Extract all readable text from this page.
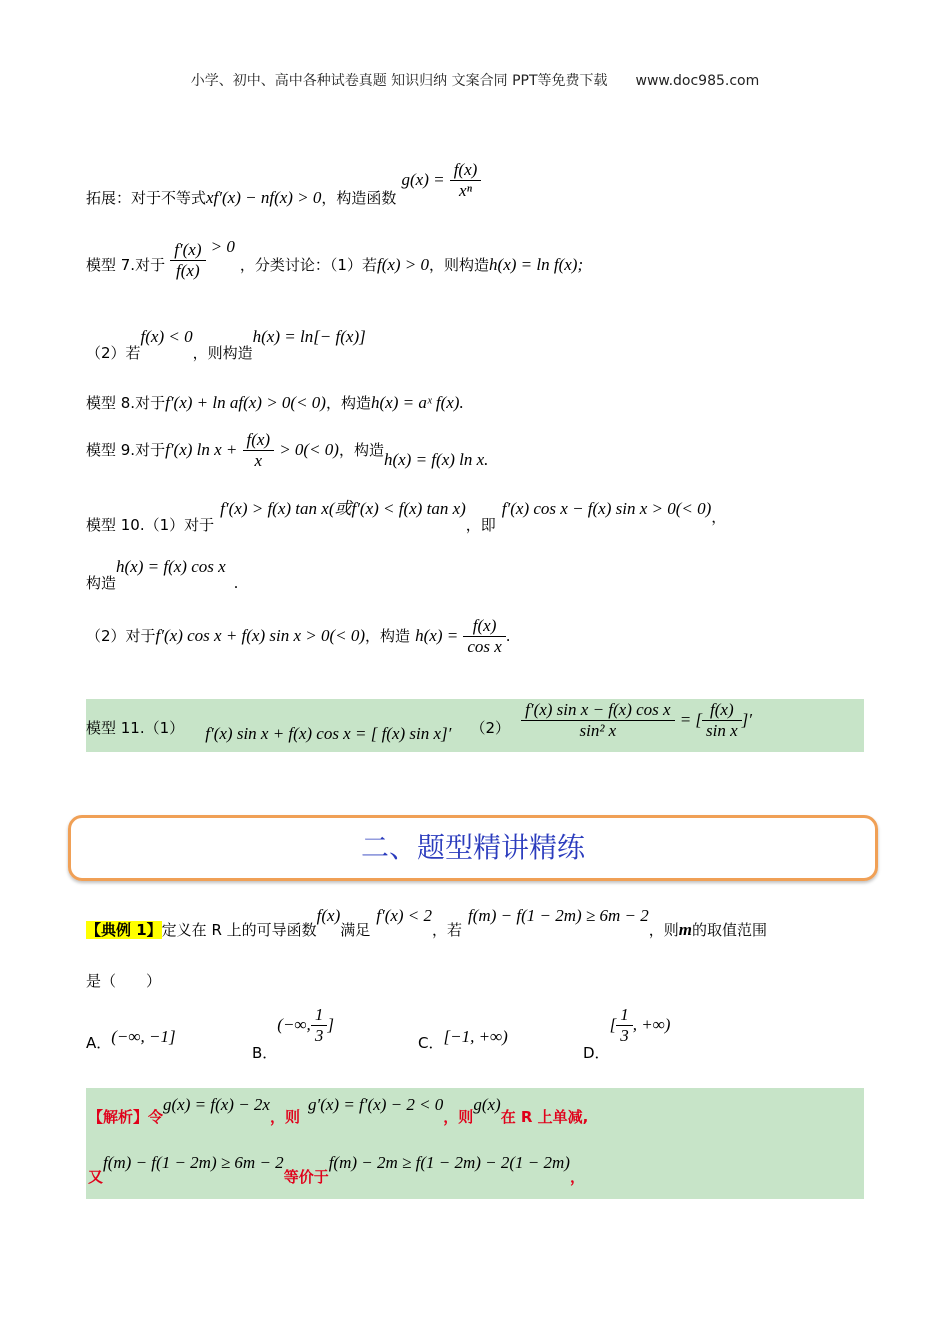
小学、初中、高中各种试卷真题 知识归纳 文案合同 PPT等免费下载 www.doc985.com
拓展：对于不等式xf′(x) − nf(x) > 0，构造函数 $g(x) = \frac{f(x)}{\text{xⁿ}}$
模型 7.对于 $\frac{f'(x)}{f(x)} > 0$ ，分类讨论：（1）若f(x) > 0，则构造h(x) = ln f(x);
（2）若f(x) < 0，则构造h(x) = ln[− f(x)]
模型 8.对于f′(x) + ln af(x) > 0(< 0)，构造h(x) = aˣ f(x).
模型 9.对于f′(x) $\ln x + \frac{f(x)}{x} > 0(< 0)$，构造h(x) = f(x) ln x.
模型 10.（1）对于f′(x) > f(x) tan x(或f′(x) < f(x) tan x)，即f′(x) cos x − f(x) sin x > 0(< 0)，
构造h(x) = f(x) cos x.
（2）对于f′(x) cos x + f(x) sin x > 0(< 0)，构造 $h(x) = \frac{f(x)}{\text{cos x}}$ .
模型 11.（1） f′(x) sin x + f(x) cos x = [ f(x) sin x]′ $(2) \frac{\text{f′(x) sin x − f(x) cos x}}{\text{sin² x}}$ = [ $\frac{f(x)}{\text{sin x}}$ ]′
二、题型精讲精练
【典例 1】定义在 R 上的可导函数f(x)满足f′(x) < 2，若f(m) − f(1 − 2m) ≥ 6m − 2，则m的取值范围
是（　　）
A．(−∞, −1]
B．(−∞, $\frac{1}{3}$ ]
C．[−1, +∞)
D．[ $\frac{1}{3}$ , +∞)
【解析】令g(x) = f(x) − 2x，则g′(x) = f′(x) − 2 < 0，则g(x)在 R 上单减,
又f(m) − f(1 − 2m) ≥ 6m − 2等价于f(m) − 2m ≥ f(1 − 2m) − 2(1 − 2m)，
